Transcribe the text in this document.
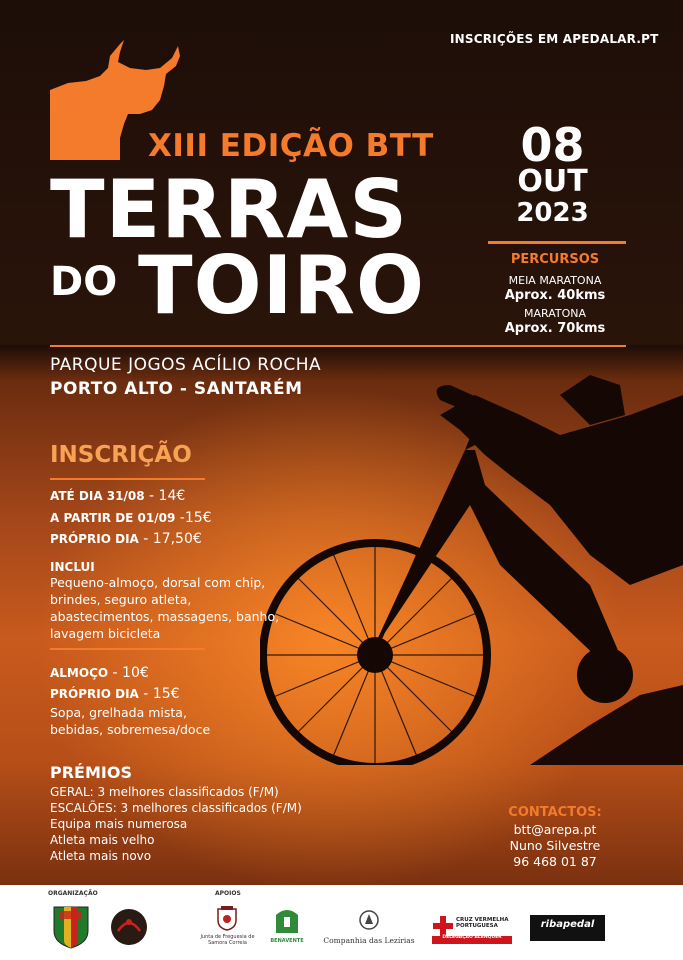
INSCRIÇÕES EM APEDALAR.PT
XIII EDIÇÃO BTT
TERRAS
DO TOIRO
08
OUT
2023
PERCURSOS
MEIA MARATONA
Aprox. 40kms
MARATONA
Aprox. 70kms
PARQUE JOGOS ACÍLIO ROCHA
PORTO ALTO - SANTARÉM
INSCRIÇÃO
ATÉ DIA 31/08 - 14€
A PARTIR DE 01/09 -15€
PRÓPRIO DIA - 17,50€
INCLUI
Pequeno-almoço, dorsal com chip, brindes, seguro atleta, abastecimentos, massagens, banho, lavagem bicicleta
ALMOÇO - 10€
PRÓPRIO DIA - 15€
Sopa, grelhada mista, bebidas, sobremesa/doce
PRÉMIOS
GERAL: 3 melhores classificados (F/M)
ESCALÕES: 3 melhores classificados (F/M)
Equipa mais numerosa
Atleta mais velho
Atleta mais novo
CONTACTOS:
btt@arepa.pt
Nuno Silvestre
96 468 01 87
ORGANIZAÇÃO	APOIOS
Junta de Freguesia de Samora Correia	BENAVENTE	Companhia das Lezírias
CRUZ VERMELHA
PORTUGUESA
DELEGAÇÃO ALENQUER
ribapedal
